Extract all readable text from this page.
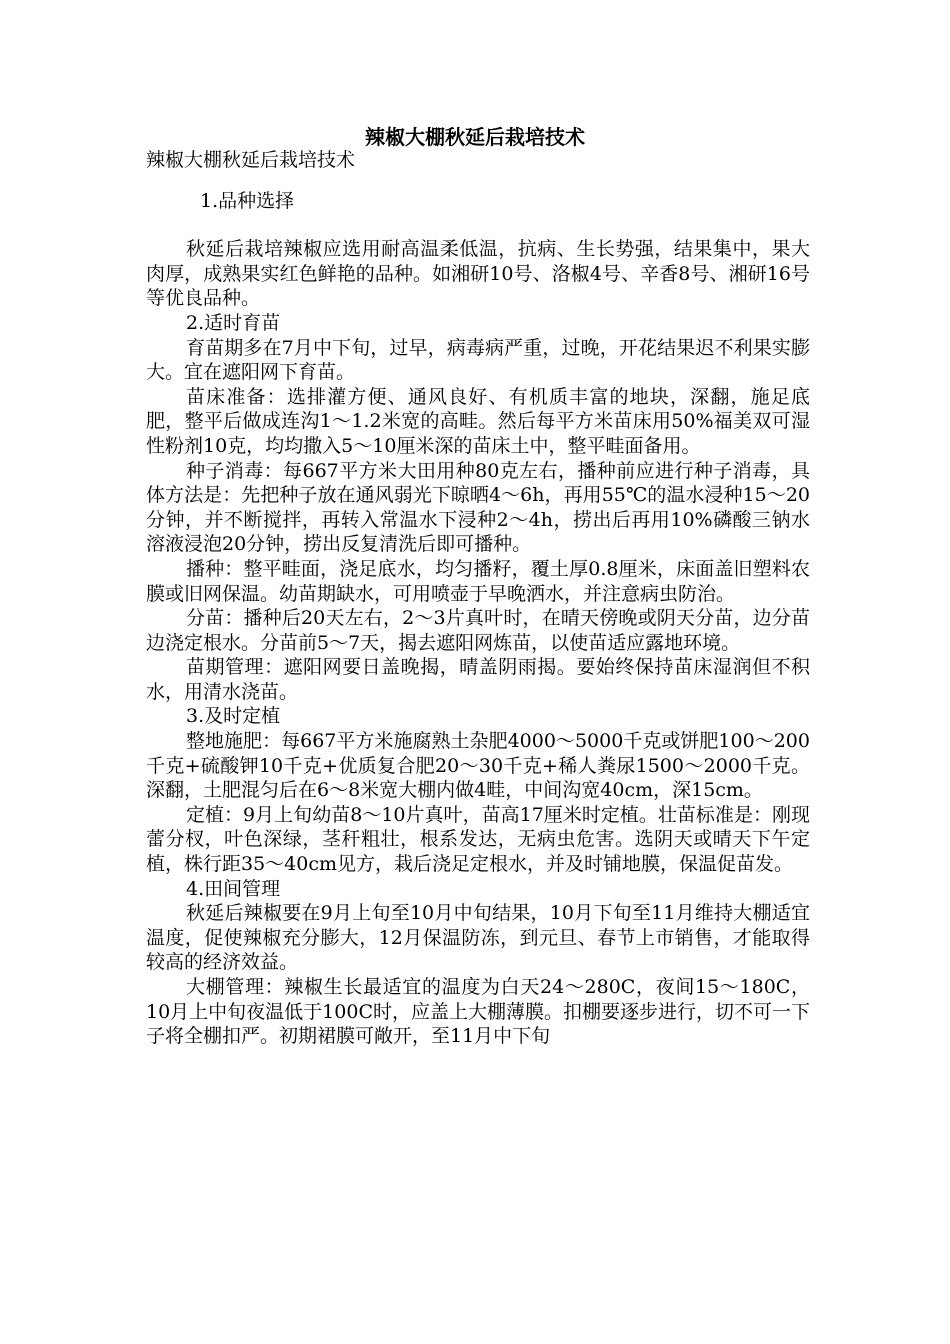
辣椒大棚秋延后栽培技术

辣椒大棚秋延后栽培技术

1.品种选择

秋延后栽培辣椒应选用耐高温柔低温，抗病、生长势强，结果集中，果大肉厚，成熟果实红色鲜艳的品种。如湘研10号、洛椒4号、辛香8号、湘研16号等优良品种。

2.适时育苗

育苗期多在7月中下旬，过早，病毒病严重，过晚，开花结果迟不利果实膨大。宜在遮阳网下育苗。

苗床准备：选排灌方便、通风良好、有机质丰富的地块，深翻，施足底肥，整平后做成连沟1～1.2米宽的高畦。然后每平方米苗床用50%福美双可湿性粉剂10克，均均撒入5～10厘米深的苗床土中，整平畦面备用。

种子消毒：每667平方米大田用种80克左右，播种前应进行种子消毒，具体方法是：先把种子放在通风弱光下晾晒4～6h，再用55℃的温水浸种15～20分钟，并不断搅拌，再转入常温水下浸种2～4h，捞出后再用10%磷酸三钠水溶液浸泡20分钟，捞出反复清洗后即可播种。

播种：整平畦面，浇足底水，均匀播籽，覆土厚0.8厘米，床面盖旧塑料农膜或旧网保温。幼苗期缺水，可用喷壶于早晚洒水，并注意病虫防治。

分苗：播种后20天左右，2～3片真叶时，在晴天傍晚或阴天分苗，边分苗边浇定根水。分苗前5～7天，揭去遮阳网炼苗，以使苗适应露地环境。

苗期管理：遮阳网要日盖晚揭，晴盖阴雨揭。要始终保持苗床湿润但不积水，用清水浇苗。

3.及时定植

整地施肥：每667平方米施腐熟土杂肥4000～5000千克或饼肥100～200千克+硫酸钾10千克+优质复合肥20～30千克+稀人粪尿1500～2000千克。深翻，土肥混匀后在6～8米宽大棚内做4畦，中间沟宽40cm，深15cm。

定植：9月上旬幼苗8～10片真叶，苗高17厘米时定植。壮苗标准是：刚现蕾分杈，叶色深绿，茎秆粗壮，根系发达，无病虫危害。选阴天或晴天下午定植，株行距35～40cm见方，栽后浇足定根水，并及时铺地膜，保温促苗发。

4.田间管理

秋延后辣椒要在9月上旬至10月中旬结果，10月下旬至11月维持大棚适宜温度，促使辣椒充分膨大，12月保温防冻，到元旦、春节上市销售，才能取得较高的经济效益。

大棚管理：辣椒生长最适宜的温度为白天24～280C，夜间15～180C，10月上中旬夜温低于100C时，应盖上大棚薄膜。扣棚要逐步进行，切不可一下子将全棚扣严。初期裙膜可敞开，至11月中下旬
